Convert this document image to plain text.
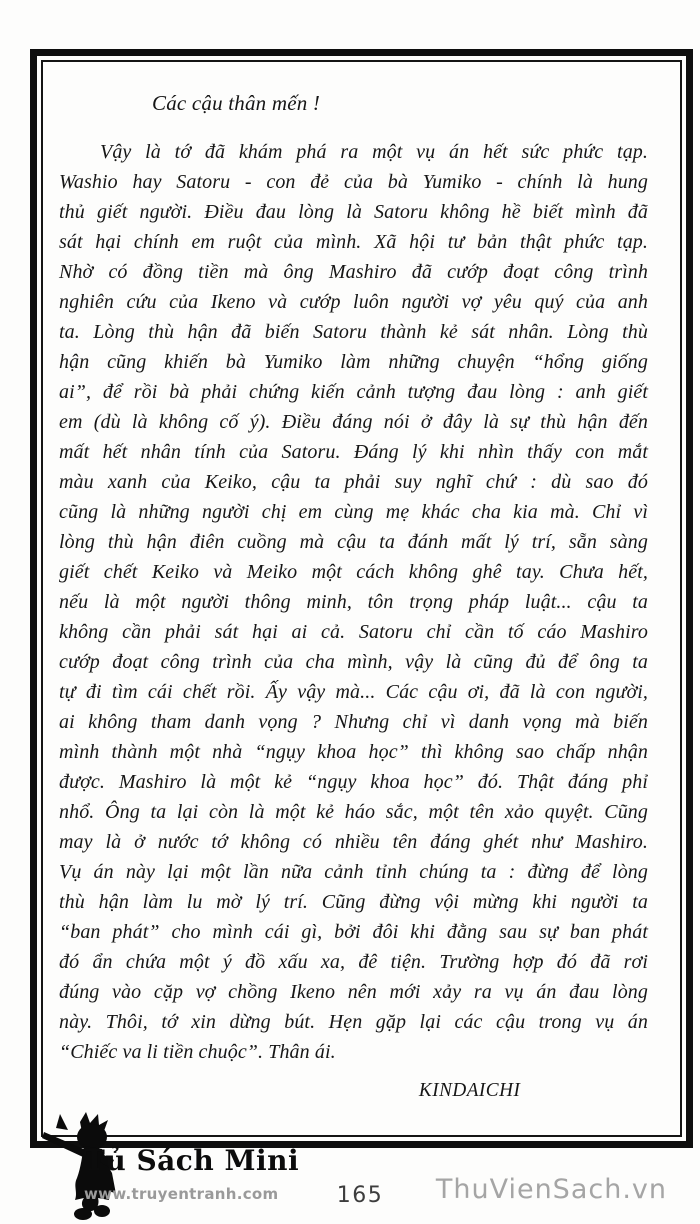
Các cậu thân mến !
Vậy là tớ đã khám phá ra một vụ án hết sức phức tạp.
Washio hay Satoru - con đẻ của bà Yumiko - chính là hung
thủ giết người. Điều đau lòng là Satoru không hề biết mình đã
sát hại chính em ruột của mình. Xã hội tư bản thật phức tạp.
Nhờ có đồng tiền mà ông Mashiro đã cướp đoạt công trình
nghiên cứu của Ikeno và cướp luôn người vợ yêu quý của anh
ta. Lòng thù hận đã biến Satoru thành kẻ sát nhân. Lòng thù
hận cũng khiến bà Yumiko làm những chuyện “hổng giống
ai”, để rồi bà phải chứng kiến cảnh tượng đau lòng : anh giết
em (dù là không cố ý). Điều đáng nói ở đây là sự thù hận đến
mất hết nhân tính của Satoru. Đáng lý khi nhìn thấy con mắt
màu xanh của Keiko, cậu ta phải suy nghĩ chứ : dù sao đó
cũng là những người chị em cùng mẹ khác cha kia mà. Chỉ vì
lòng thù hận điên cuồng mà cậu ta đánh mất lý trí, sẵn sàng
giết chết Keiko và Meiko một cách không ghê tay. Chưa hết,
nếu là một người thông minh, tôn trọng pháp luật... cậu ta
không cần phải sát hại ai cả. Satoru chỉ cần tố cáo Mashiro
cướp đoạt công trình của cha mình, vậy là cũng đủ để ông ta
tự đi tìm cái chết rồi. Ấy vậy mà... Các cậu ơi, đã là con người,
ai không tham danh vọng ? Nhưng chỉ vì danh vọng mà biến
mình thành một nhà “ngụy khoa học” thì không sao chấp nhận
được. Mashiro là một kẻ “ngụy khoa học” đó. Thật đáng phỉ
nhổ. Ông ta lại còn là một kẻ háo sắc, một tên xảo quyệt. Cũng
may là ở nước tớ không có nhiều tên đáng ghét như Mashiro.
Vụ án này lại một lần nữa cảnh tỉnh chúng ta : đừng để lòng
thù hận làm lu mờ lý trí. Cũng đừng vội mừng khi người ta
“ban phát” cho mình cái gì, bởi đôi khi đằng sau sự ban phát
đó ẩn chứa một ý đồ xấu xa, đê tiện. Trường hợp đó đã rơi
đúng vào cặp vợ chồng Ikeno nên mới xảy ra vụ án đau lòng
này. Thôi, tớ xin dừng bút. Hẹn gặp lại các cậu trong vụ án
“Chiếc va li tiền chuộc”. Thân ái.
KINDAICHI
Tủ Sách Mini
www.truyentranh.com	165	ThuVienSach.vn
